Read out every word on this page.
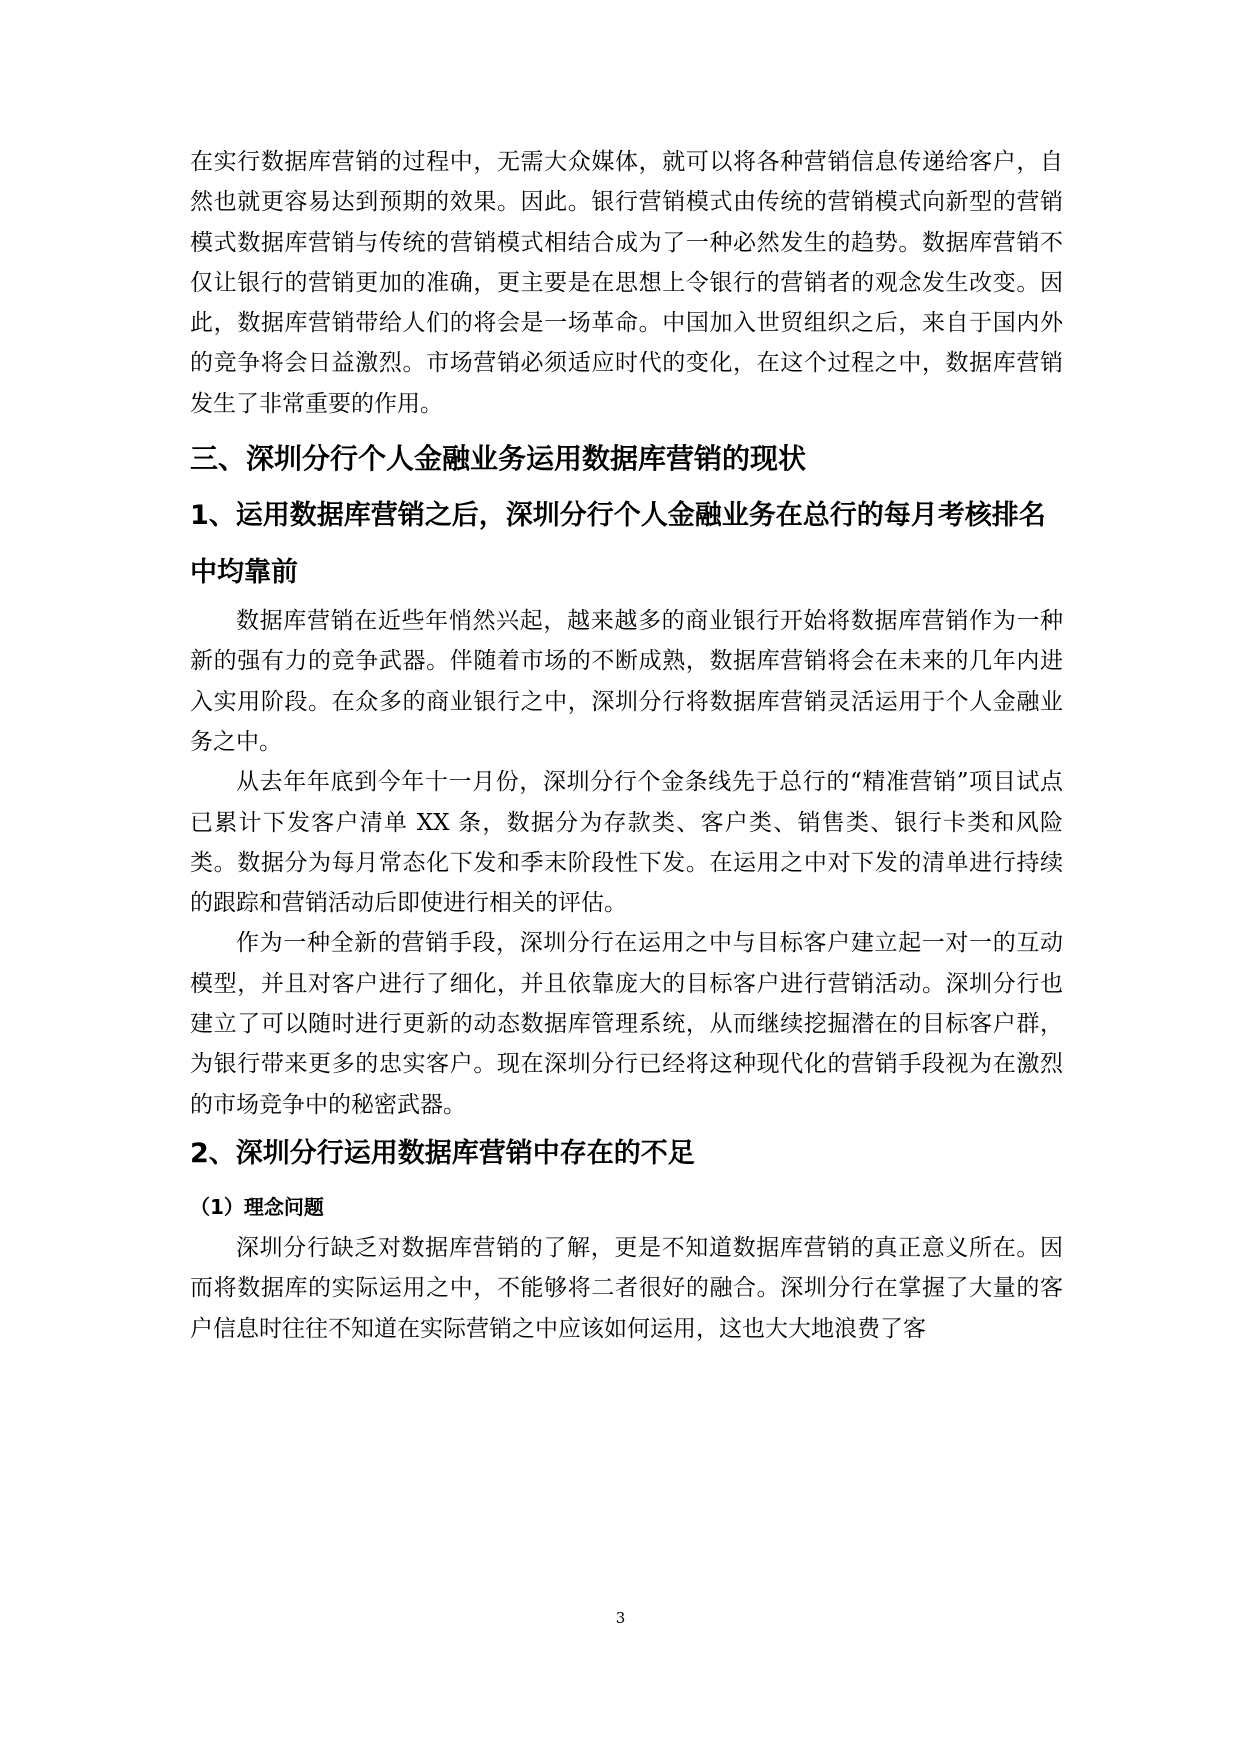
在实行数据库营销的过程中，无需大众媒体，就可以将各种营销信息传递给客户，自然也就更容易达到预期的效果。因此。银行营销模式由传统的营销模式向新型的营销模式数据库营销与传统的营销模式相结合成为了一种必然发生的趋势。数据库营销不仅让银行的营销更加的准确，更主要是在思想上令银行的营销者的观念发生改变。因此，数据库营销带给人们的将会是一场革命。中国加入世贸组织之后，来自于国内外的竞争将会日益激烈。市场营销必须适应时代的变化，在这个过程之中，数据库营销发生了非常重要的作用。

三、深圳分行个人金融业务运用数据库营销的现状
1、运用数据库营销之后，深圳分行个人金融业务在总行的每月考核排名中均靠前

数据库营销在近些年悄然兴起，越来越多的商业银行开始将数据库营销作为一种新的强有力的竞争武器。伴随着市场的不断成熟，数据库营销将会在未来的几年内进入实用阶段。在众多的商业银行之中，深圳分行将数据库营销灵活运用于个人金融业务之中。

从去年年底到今年十一月份，深圳分行个金条线先于总行的“精准营销”项目试点已累计下发客户清单 XX 条，数据分为存款类、客户类、销售类、银行卡类和风险类。数据分为每月常态化下发和季末阶段性下发。在运用之中对下发的清单进行持续的跟踪和营销活动后即使进行相关的评估。

作为一种全新的营销手段，深圳分行在运用之中与目标客户建立起一对一的互动模型，并且对客户进行了细化，并且依靠庞大的目标客户进行营销活动。深圳分行也建立了可以随时进行更新的动态数据库管理系统，从而继续挖掘潜在的目标客户群，为银行带来更多的忠实客户。现在深圳分行已经将这种现代化的营销手段视为在激烈的市场竞争中的秘密武器。

2、深圳分行运用数据库营销中存在的不足
（1）理念问题

深圳分行缺乏对数据库营销的了解，更是不知道数据库营销的真正意义所在。因而将数据库的实际运用之中，不能够将二者很好的融合。深圳分行在掌握了大量的客户信息时往往不知道在实际营销之中应该如何运用，这也大大地浪费了客

3
